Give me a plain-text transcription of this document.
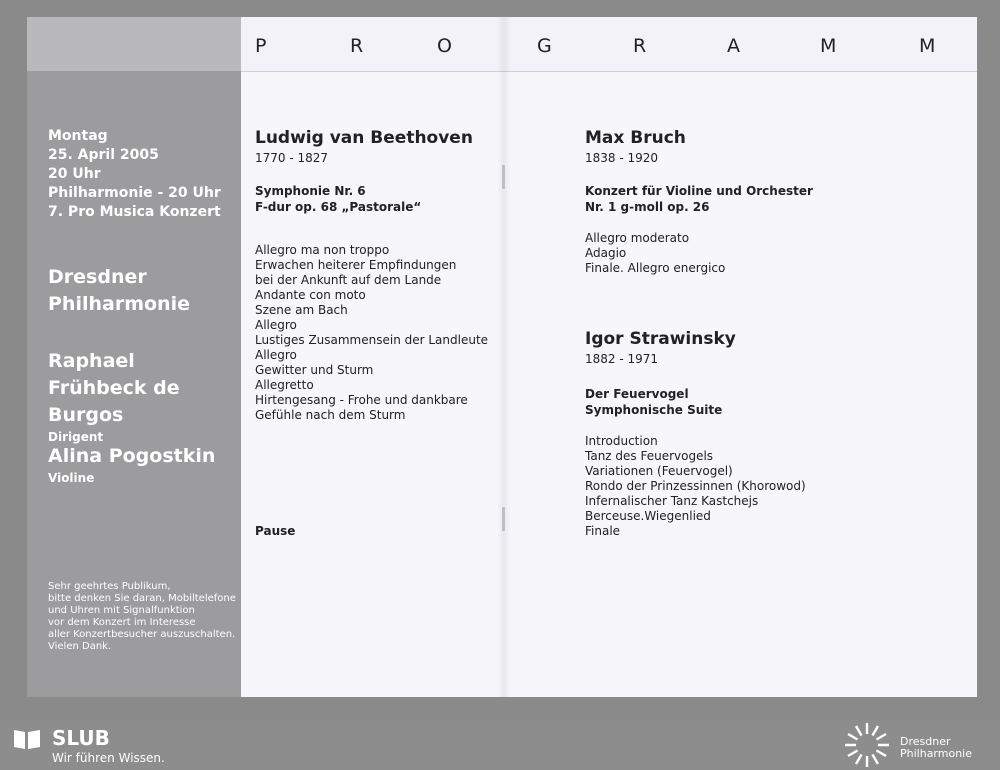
P	R	O	G	R	A	M	M
Montag
25. April 2005
20 Uhr
Philharmonie - 20 Uhr
7. Pro Musica Konzert
Dresdner
Philharmonie
Raphael
Frühbeck de Burgos
Dirigent
Alina Pogostkin
Violine
Sehr geehrtes Publikum,
bitte denken Sie daran, Mobiltelefone
und Uhren mit Signalfunktion
vor dem Konzert im Interesse
aller Konzertbesucher auszuschalten.
Vielen Dank.
Ludwig van Beethoven
1770 - 1827
Symphonie Nr. 6
F-dur op. 68 „Pastorale“
Allegro ma non troppo
Erwachen heiterer Empfindungen
bei der Ankunft auf dem Lande
Andante con moto
Szene am Bach
Allegro
Lustiges Zusammensein der Landleute
Allegro
Gewitter und Sturm
Allegretto
Hirtengesang - Frohe und dankbare
Gefühle nach dem Sturm
Pause
Max Bruch
1838 - 1920
Konzert für Violine und Orchester
Nr. 1 g-moll op. 26
Allegro moderato
Adagio
Finale. Allegro energico
Igor Strawinsky
1882 - 1971
Der Feuervogel
Symphonische Suite
Introduction
Tanz des Feuervogels
Variationen (Feuervogel)
Rondo der Prinzessinnen (Khorowod)
Infernalischer Tanz Kastchejs
Berceuse.Wiegenlied
Finale
SLUB
Wir führen Wissen.
Dresdner
Philharmonie
